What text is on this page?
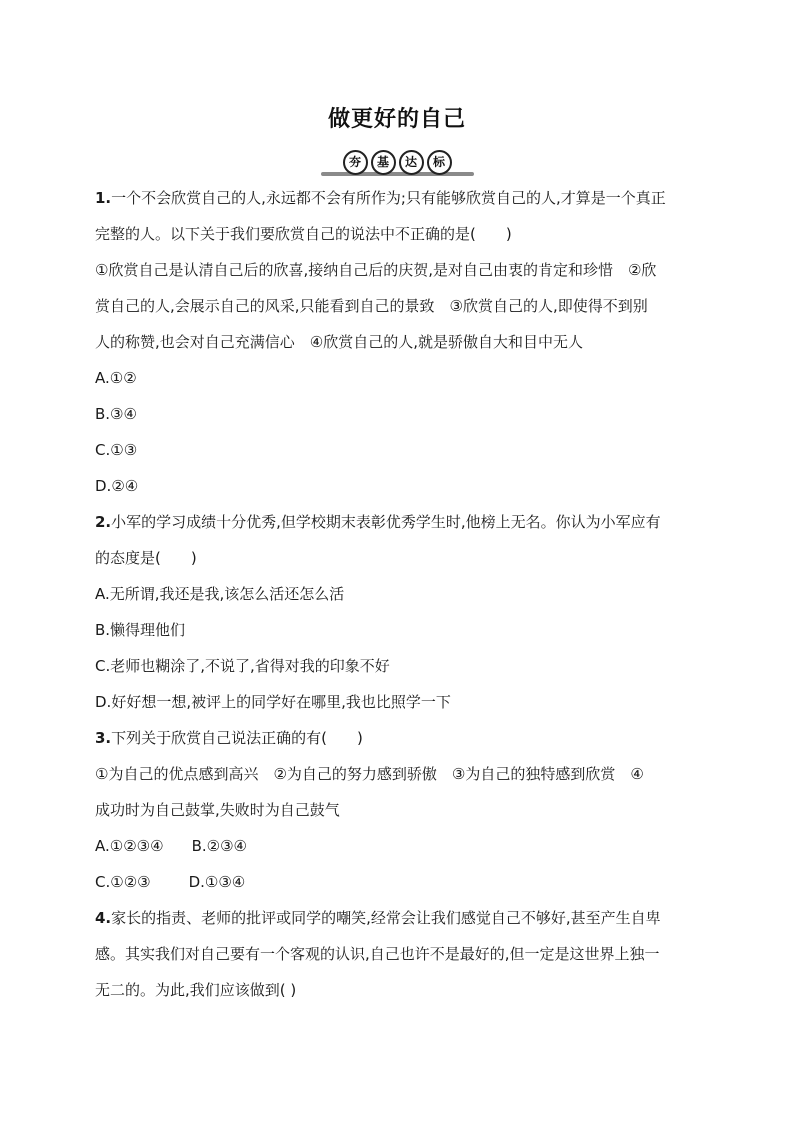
做更好的自己
夯	基	达	标
1.一个不会欣赏自己的人,永远都不会有所作为;只有能够欣赏自己的人,才算是一个真正
完整的人。以下关于我们要欣赏自己的说法中不正确的是(　　)
①欣赏自己是认清自己后的欣喜,接纳自己后的庆贺,是对自己由衷的肯定和珍惜　②欣
赏自己的人,会展示自己的风采,只能看到自己的景致　③欣赏自己的人,即使得不到别
人的称赞,也会对自己充满信心　④欣赏自己的人,就是骄傲自大和目中无人
A.①②
B.③④
C.①③
D.②④
2.小军的学习成绩十分优秀,但学校期末表彰优秀学生时,他榜上无名。你认为小军应有
的态度是(　　)
A.无所谓,我还是我,该怎么活还怎么活
B.懒得理他们
C.老师也糊涂了,不说了,省得对我的印象不好
D.好好想一想,被评上的同学好在哪里,我也比照学一下
3.下列关于欣赏自己说法正确的有(　　)
①为自己的优点感到高兴　②为自己的努力感到骄傲　③为自己的独特感到欣赏　④
成功时为自己鼓掌,失败时为自己鼓气
A.①②③④ B.②③④
C.①②③	D.①③④
4.家长的指责、老师的批评或同学的嘲笑,经常会让我们感觉自己不够好,甚至产生自卑
感。其实我们对自己要有一个客观的认识,自己也许不是最好的,但一定是这世界上独一
无二的。为此,我们应该做到( )
